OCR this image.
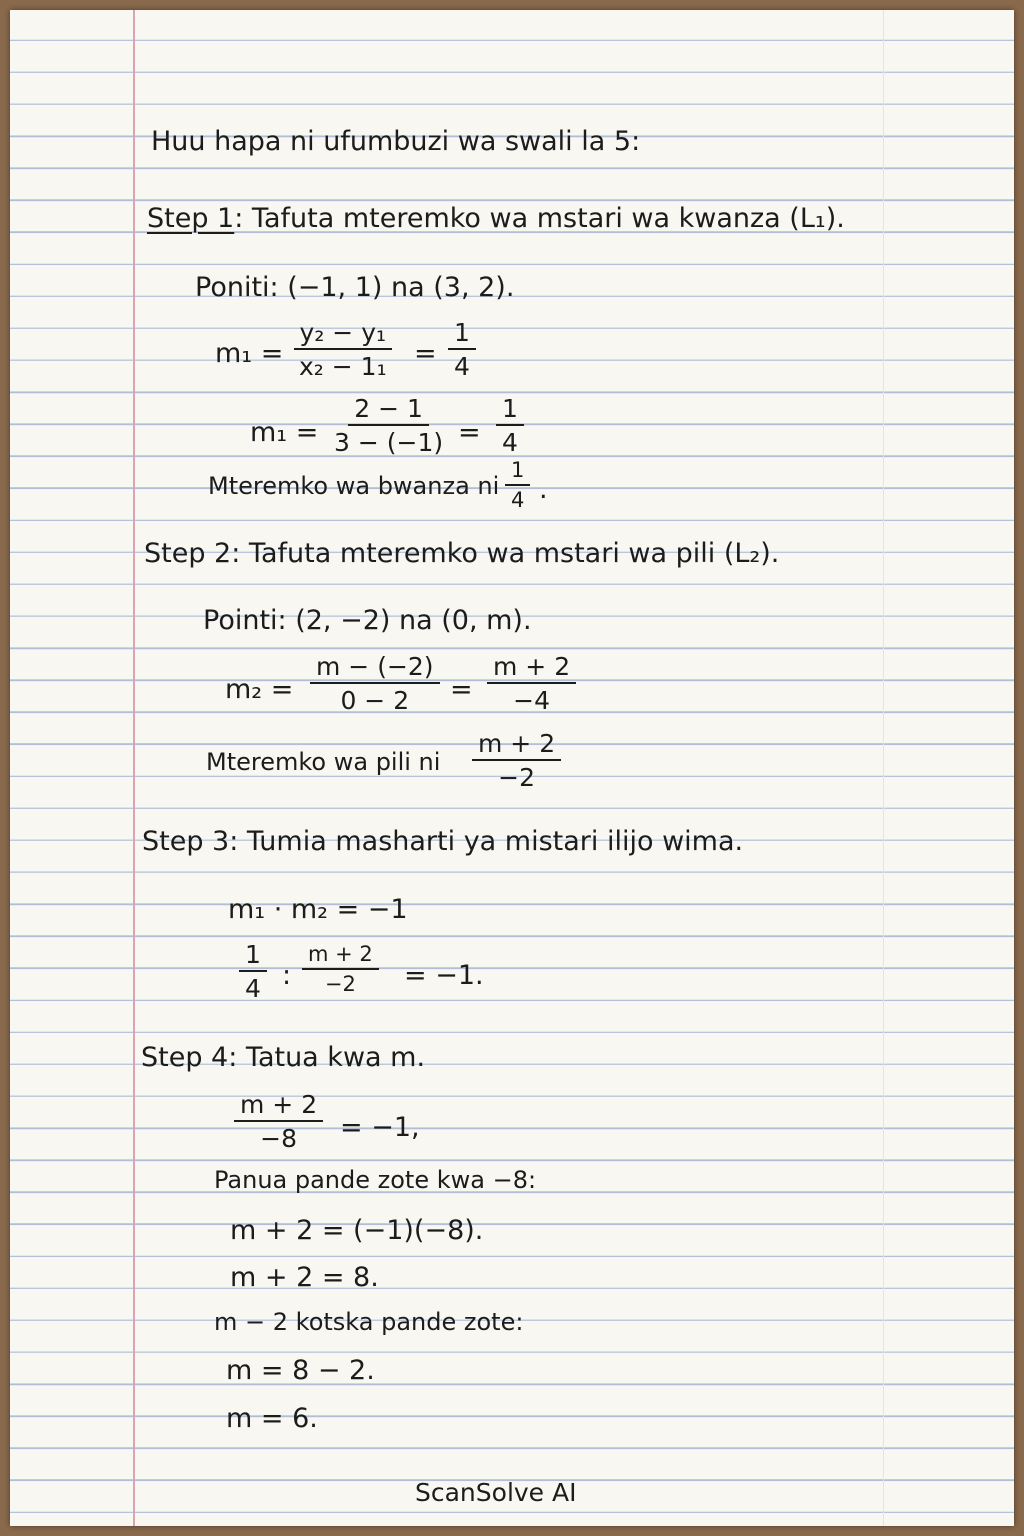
Huu hapa ni ufumbuzi wa swali la 5:
Step 1: Tafuta mteremko wa mstari wa kwanza (L₁).
Poniti: (−1, 1) na (3, 2).
$m_1 = \frac{\text{y₂ − y₁}}{\text{x₂ − 1₁}} = \frac{1}{4}$
$m_1 = \frac{2 - 1}{3 - (-1)} = \frac{1}{4}$
Mteremko wa bwanza ni $\frac{1}{4}$ .
Step 2: Tafuta mteremko wa mstari wa pili (L₂).
Pointi: (2, −2) na (0, m).
$m_2 = \frac{m - (-2)}{0 - 2} = \frac{m + 2}{-4}$
Mteremko wa pili ni $\frac{m + 2}{-2}$
Step 3: Tumia masharti ya mistari ilijo wima.
m₁ · m₂ = −1
$\frac{1}{4}$ : $\frac{m + 2}{-2} = -1$.
Step 4: Tatua kwa m.
$\frac{m + 2}{-8} = -1$,
Panua pande zote kwa −8:
m + 2 = (−1)(−8).
m + 2 = 8.
m − 2 kotska pande zote:
m = 8 − 2.
m = 6.
ScanSolve AI
